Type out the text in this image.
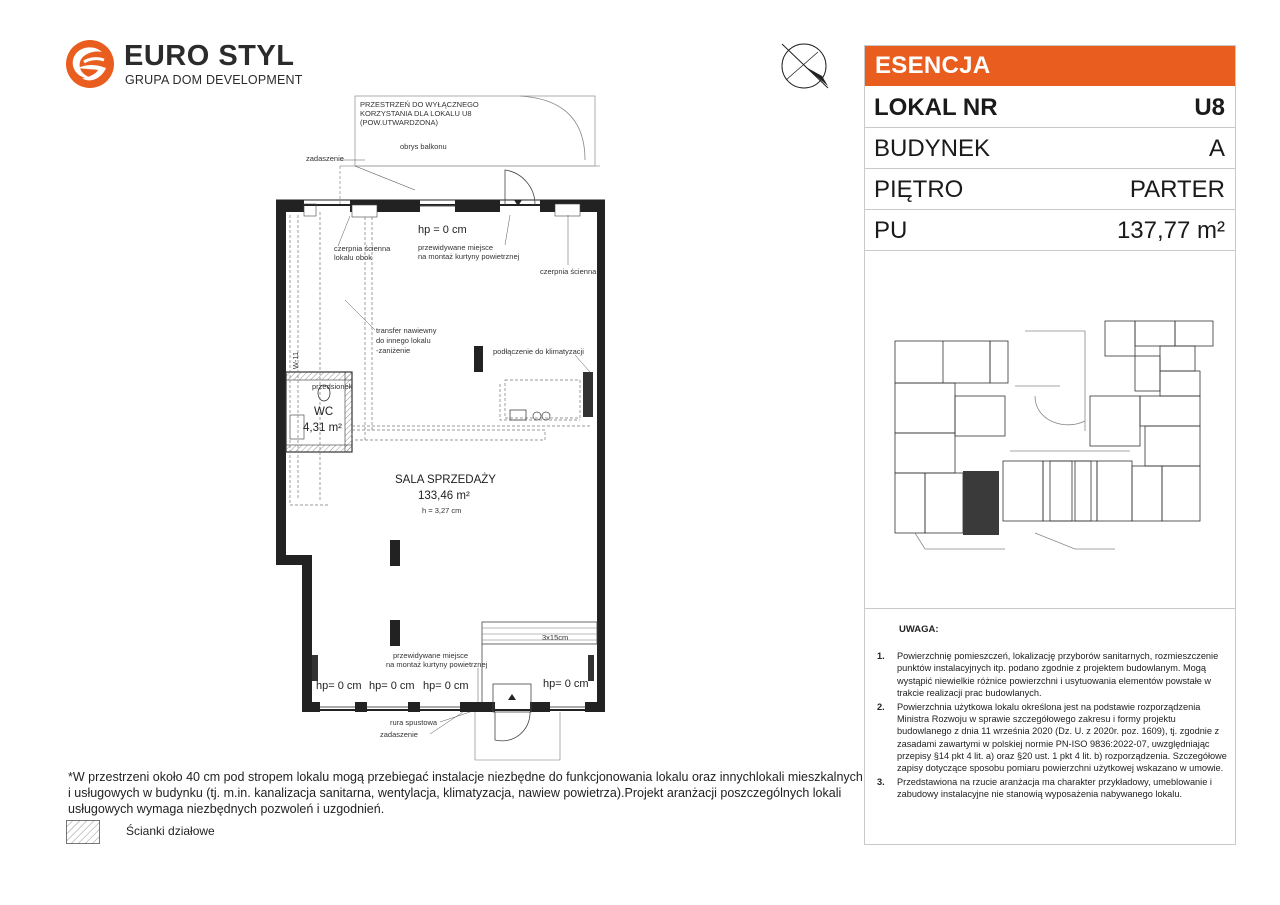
EURO STYL
GRUPA DOM DEVELOPMENT
PRZESTRZEŃ DO WYŁĄCZNEGO
KORZYSTANIA DLA LOKALU U8
(POW.UTWARDZONA)
obrys balkonu
zadaszenie
czerpnia ścienna
lokalu obok
hp = 0 cm
przewidywane miejsce
na montaż kurtyny powietrznej
czerpnia ścienna
transfer nawiewny
do innego lokalu
-zaniżenie	podłączenie do klimatyzacji
W-11
przedsionek
WC
4,31 m²
SALA SPRZEDAŻY
133,46 m²
h = 3,27 cm
3x15cm
przewidywane miejsce
na montaż kurtyny powietrznej
hp= 0 cm hp= 0 cm hp= 0 cm	hp= 0 cm
rura spustowa
zadaszenie
ESENCJA
LOKAL NR	U8
BUDYNEK	A
PIĘTRO	PARTER
PU	137,77 m²
UWAGA:
1. Powierzchnię pomieszczeń, lokalizację przyborów sanitarnych, rozmieszczenie punktów instalacyjnych itp. podano zgodnie z projektem budowlanym. Mogą wystąpić niewielkie różnice powierzchni i usytuowania elementów powstałe w trakcie realizacji prac budowlanych.
2. Powierzchnia użytkowa lokalu określona jest na podstawie rozporządzenia Ministra Rozwoju w sprawie szczegółowego zakresu i formy projektu budowlanego z dnia 11 września 2020 (Dz. U. z 2020r. poz. 1609), tj. zgodnie z zasadami zawartymi w polskiej normie PN-ISO 9836:2022-07, uwzględniając przepisy §14 pkt 4 lit. a) oraz §20 ust. 1 pkt 4 lit. b) rozporządzenia. Szczegółowe zapisy dotyczące sposobu pomiaru powierzchni użytkowej wskazano w umowie.
3. Przedstawiona na rzucie aranżacja ma charakter przykładowy, umeblowanie i zabudowy instalacyjne nie stanowią wyposażenia nabywanego lokalu.
*W przestrzeni około 40 cm pod stropem lokalu mogą przebiegać instalacje niezbędne do funkcjonowania lokalu oraz innychlokali mieszkalnych i usługowych w budynku (tj. m.in. kanalizacja sanitarna, wentylacja, klimatyzacja, nawiew powietrza).Projekt aranżacji poszczególnych lokali usługowych wymaga niezbędnych pozwoleń i uzgodnień.
Ścianki działowe
